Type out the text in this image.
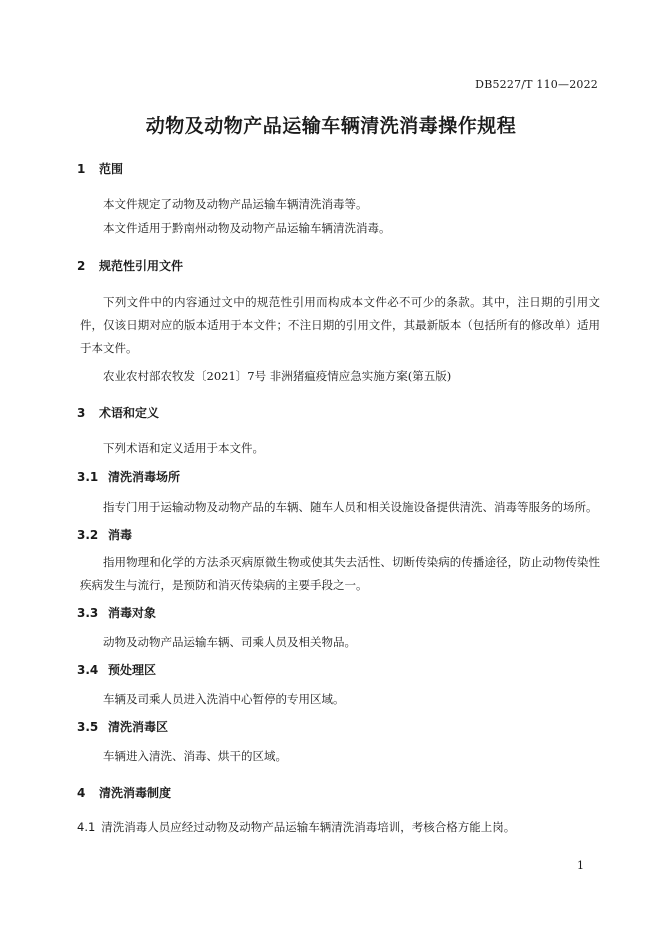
DB5227/T 110—2022
动物及动物产品运输车辆清洗消毒操作规程
1 范围
本文件规定了动物及动物产品运输车辆清洗消毒等。
本文件适用于黔南州动物及动物产品运输车辆清洗消毒。
2 规范性引用文件
下列文件中的内容通过文中的规范性引用而构成本文件必不可少的条款。其中，注日期的引用文件，仅该日期对应的版本适用于本文件；不注日期的引用文件，其最新版本（包括所有的修改单）适用于本文件。
农业农村部农牧发〔2021〕7号 非洲猪瘟疫情应急实施方案(第五版)
3 术语和定义
下列术语和定义适用于本文件。
3.1 清洗消毒场所
指专门用于运输动物及动物产品的车辆、随车人员和相关设施设备提供清洗、消毒等服务的场所。
3.2 消毒
指用物理和化学的方法杀灭病原微生物或使其失去活性、切断传染病的传播途径，防止动物传染性疾病发生与流行，是预防和消灭传染病的主要手段之一。
3.3 消毒对象
动物及动物产品运输车辆、司乘人员及相关物品。
3.4 预处理区
车辆及司乘人员进入洗消中心暂停的专用区域。
3.5 清洗消毒区
车辆进入清洗、消毒、烘干的区域。
4 清洗消毒制度
4.1 清洗消毒人员应经过动物及动物产品运输车辆清洗消毒培训，考核合格方能上岗。
1
